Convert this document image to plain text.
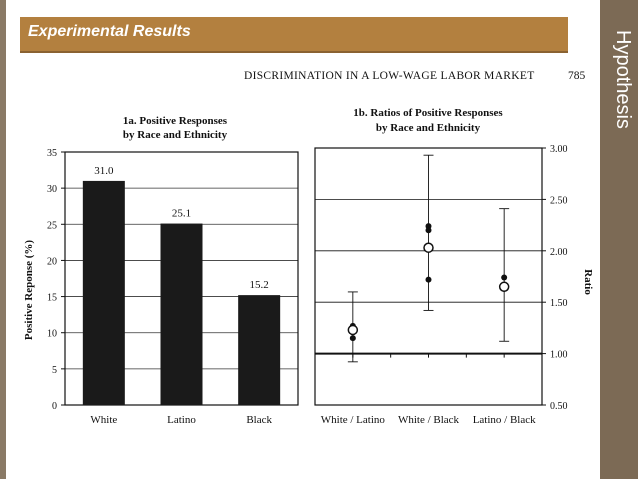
Hypothesis
Experimental Results
DISCRIMINATION IN A LOW-WAGE LABOR MARKET	785
1a. Positive Responses
by Race and Ethnicity
Positive Reponse (%)
0
5
10
15
20
25
30
35
31.0
White
25.1
Latino
15.2
Black
1b. Ratios of Positive Responses
by Race and Ethnicity
Ratio
0.50
1.00
1.50
2.00
2.50
3.00
White / Latino White / Black Latino / Black
